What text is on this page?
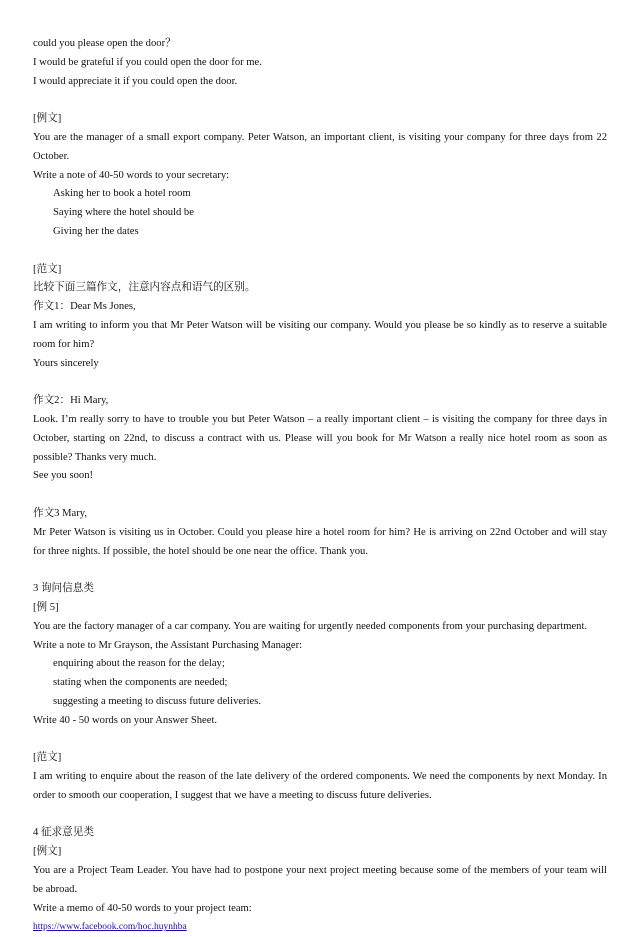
could you please open the door？

I would be grateful if you could open the door for me.

I would appreciate it if you could open the door.

[例文]

You are the manager of a small export company. Peter Watson, an important client, is visiting your company for three days from 22 October.

Write a note of 40-50 words to your secretary:

Asking her to book a hotel room

Saying where the hotel should be

Giving her the dates

[范文]

比较下面三篇作文，注意内容点和语气的区别。

作文1：Dear Ms Jones,

I am writing to inform you that Mr Peter Watson will be visiting our company. Would you please be so kindly as to reserve a suitable room for him?

Yours sincerely

作文2：Hi Mary,

Look. I’m really sorry to have to trouble you but Peter Watson – a really important client – is visiting the company for three days in October, starting on 22nd, to discuss a contract with us. Please will you book for Mr Watson a really nice hotel room as soon as possible? Thanks very much.

See you soon!

作文3 Mary,

Mr Peter Watson is visiting us in October. Could you please hire a hotel room for him? He is arriving on 22nd October and will stay for three nights. If possible, the hotel should be one near the office. Thank you.

3 询问信息类

[例 5]

You are the factory manager of a car company. You are waiting for urgently needed components from your purchasing department.

Write a note to Mr Grayson, the Assistant Purchasing Manager:

enquiring about the reason for the delay;

stating when the components are needed;

suggesting a meeting to discuss future deliveries.

Write 40 - 50 words on your Answer Sheet.

[范文]

I am writing to enquire about the reason of the late delivery of the ordered components. We need the components by next Monday. In order to smooth our cooperation, I suggest that we have a meeting to discuss future deliveries.

4 征求意见类

[例文]

You are a Project Team Leader. You have had to postpone your next project meeting because some of the members of your team will be abroad.

Write a memo of 40-50 words to your project team:

https://www.facebook.com/hoc.huynhba
